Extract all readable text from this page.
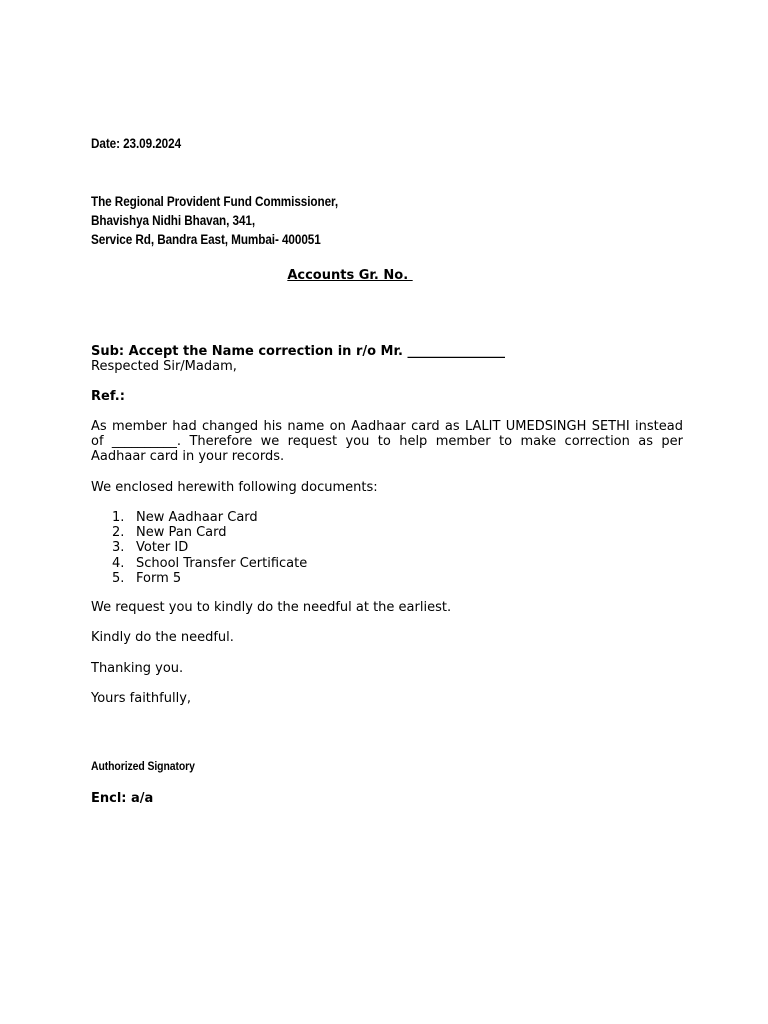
Date: 23.09.2024
The Regional Provident Fund Commissioner,
Bhavishya Nidhi Bhavan, 341,
Service Rd, Bandra East, Mumbai- 400051
Accounts Gr. No.

Sub: Accept the Name correction in r/o Mr. _______________

Ref.:

Respected Sir/Madam,
As member had changed his name on Aadhaar card as LALIT UMEDSINGH SETHI instead of __________. Therefore we request you to help member to make correction as per Aadhaar card in your records.
We enclosed herewith following documents:
1. New Aadhaar Card
2. New Pan Card
3. Voter ID
4. School Transfer Certificate
5. Form 5
We request you to kindly do the needful at the earliest.
Kindly do the needful.
Thanking you.
Yours faithfully,
Authorized Signatory
Encl: a/a
